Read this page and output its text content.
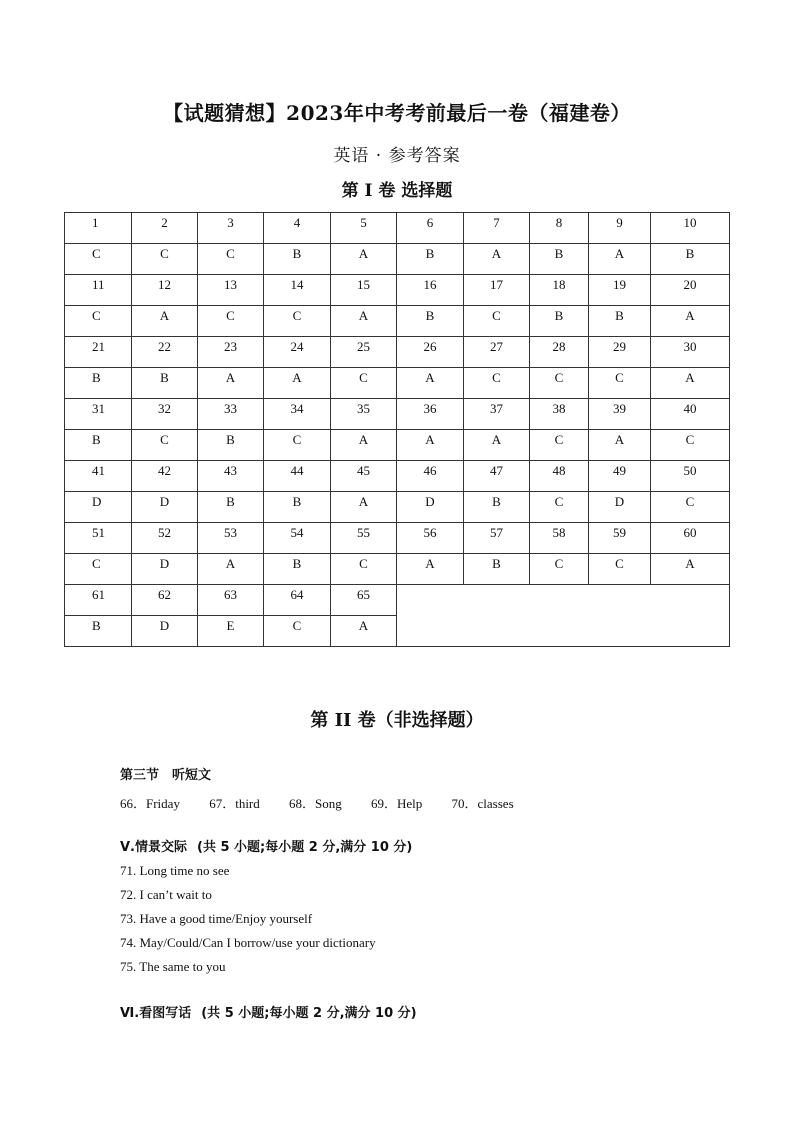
【试题猜想】2023年中考考前最后一卷（福建卷）
英语 · 参考答案
第 I 卷 选择题
1	2	3	4	5	6	7	8	9	10
C	C	C	B	A	B	A	B	A	B
11	12	13	14	15	16	17	18	19	20
C	A	C	C	A	B	C	B	B	A
21	22	23	24	25	26	27	28	29	30
B	B	A	A	C	A	C	C	C	A
31	32	33	34	35	36	37	38	39	40
B	C	B	C	A	A	A	C	A	C
41	42	43	44	45	46	47	48	49	50
D	D	B	B	A	D	B	C	D	C
51	52	53	54	55	56	57	58	59	60
C	D	A	B	C	A	B	C	C	A
61	62	63	64	65					
B	D	E	C	A					
第 II 卷（非选择题）
第三节　听短文
66．Friday 67．third 68．Song 69．Help 70．classes
Ⅴ.情景交际 (共 5 小题;每小题 2 分,满分 10 分)
71. Long time no see
72. I can’t wait to
73. Have a good time/Enjoy yourself
74. May/Could/Can I borrow/use your dictionary
75. The same to you
Ⅵ.看图写话 (共 5 小题;每小题 2 分,满分 10 分)
